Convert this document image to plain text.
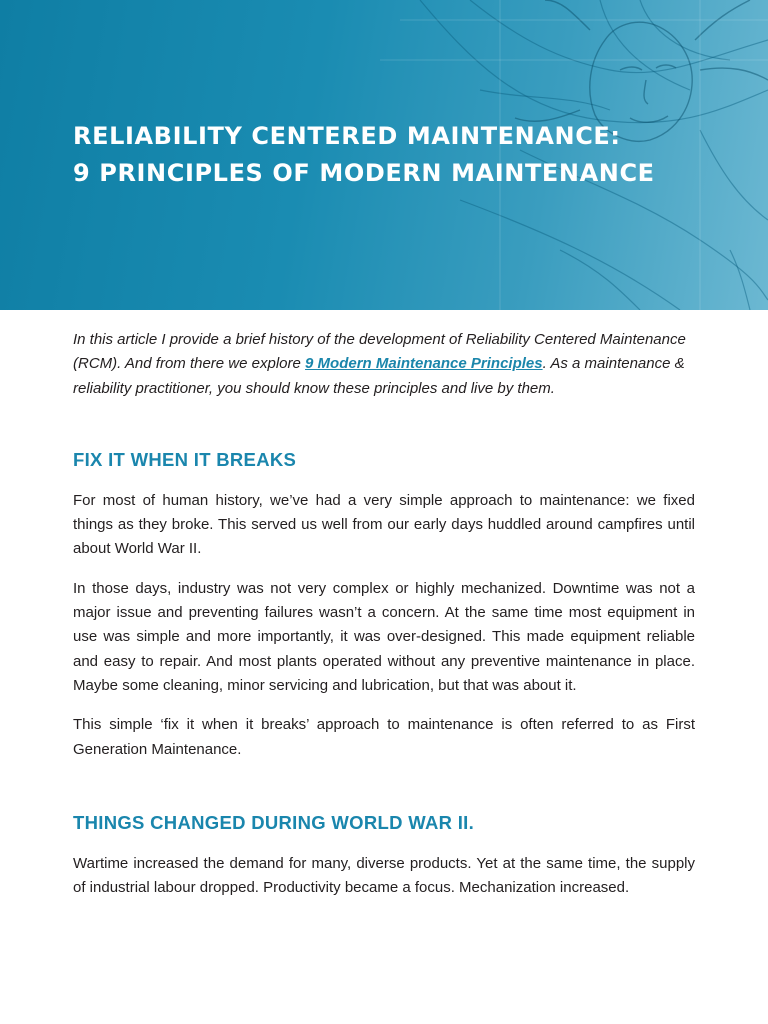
RELIABILITY CENTERED MAINTENANCE:
9 PRINCIPLES OF MODERN MAINTENANCE

In this article I provide a brief history of the development of Reliability Centered Maintenance (RCM). And from there we explore 9 Modern Maintenance Principles. As a maintenance & reliability practitioner, you should know these principles and live by them.

FIX IT WHEN IT BREAKS

For most of human history, we’ve had a very simple approach to maintenance: we fixed things as they broke. This served us well from our early days huddled around campfires until about World War II.

In those days, industry was not very complex or highly mechanized. Downtime was not a major issue and preventing failures wasn’t a concern. At the same time most equipment in use was simple and more importantly, it was over-designed. This made equipment reliable and easy to repair. And most plants operated without any preventive maintenance in place. Maybe some cleaning, minor servicing and lubrication, but that was about it.

This simple ‘fix it when it breaks’ approach to maintenance is often referred to as First Generation Maintenance.

THINGS CHANGED DURING WORLD WAR II.

Wartime increased the demand for many, diverse products. Yet at the same time, the supply of industrial labour dropped. Productivity became a focus. Mechanization increased.
